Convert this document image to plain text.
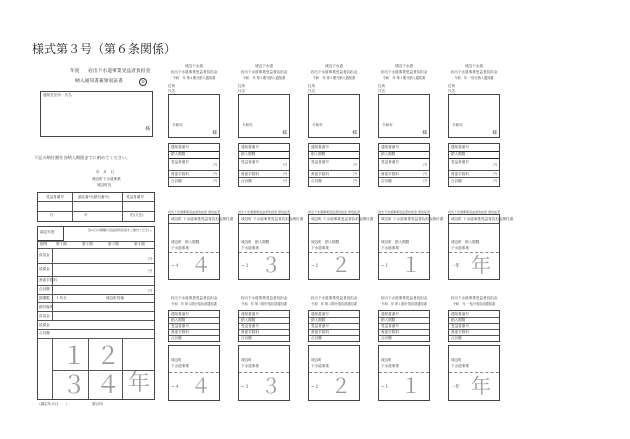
様式第３号（第６条関係）
年度 岩出下水道事業受益者負担金
納入通知書兼領収証書	①
通知先住所・氏名
様
下記の納付額を各納入期限までに納めてください。
年　月　日
城辺町下水道事業
城辺町長
受益者番号	調定番号(納付番号)	受益者番号
行	号	旧(文区)
調定年度	次の日の税額の受益者負担金をご納付ください。
期別 第１期	第２期	第３期	第４期
負担金
円
延滞金	円
督促手数料
合計額	円
納期限 １年分	城辺町役場
納付場所
負担金
延滞金
合計額
１ ２
３ ４ 年
（調定年月日　　）	照合印
城辺下水道
岩出下水道事業受益者負担金
令和　年 第４期分納入通知書
住所
氏名
令和年
様
通知書番号
納入期限
受益者番号
円
督促手数料	円
合計額	円
岩出下水道事業受益者負担金 領収証書
城辺町 下水道事業受益者負担金納付書
城辺町 納入期限
下水道事業
−４ ４
岩出下水道事業受益者負担金
令和　年 第４期分領収済通知書
通知書番号
納入期限
受益者番号
督促手数料
合計額
城辺町
下水道事業
−４ ４
城辺下水道
岩出下水道事業受益者負担金
令和　年 第３期分納入通知書
住所
氏名
令和年
様
通知書番号
納入期限
受益者番号
円
督促手数料	円
合計額	円
岩出下水道事業受益者負担金 領収証書
城辺町 下水道事業受益者負担金納付書
城辺町 納入期限
下水道事業
−３ ３
岩出下水道事業受益者負担金
令和　年 第３期分領収済通知書
通知書番号
納入期限
受益者番号
督促手数料
合計額
城辺町
下水道事業
−３ ３
城辺下水道
岩出下水道事業受益者負担金
令和　年 第２期分納入通知書
住所
氏名
令和年
様
通知書番号
納入期限
受益者番号
円
督促手数料	円
合計額	円
岩出下水道事業受益者負担金 領収証書
城辺町 下水道事業受益者負担金納付書
城辺町 納入期限
下水道事業
−２ ２
岩出下水道事業受益者負担金
令和　年 第２期分領収済通知書
通知書番号
納入期限
受益者番号
督促手数料
合計額
城辺町
下水道事業
−２ ２
城辺下水道
岩出下水道事業受益者負担金
令和　年 第１期分納入通知書
住所
氏名
令和年
様
通知書番号
納入期限
受益者番号
円
督促手数料	円
合計額	円
岩出下水道事業受益者負担金 領収証書
城辺町 下水道事業受益者負担金納付書
城辺町 納入期限
下水道事業
−１ １
岩出下水道事業受益者負担金
令和　年 第１期分領収済通知書
通知書番号
納入期限
受益者番号
督促手数料
合計額
城辺町
下水道事業
−１ １
城辺下水道
岩出下水道事業受益者負担金
令和　年 一括分納入通知書
住所
氏名
令和年
様
通知書番号
納入期限
受益者番号
円
督促手数料	円
合計額	円
岩出下水道事業受益者負担金 領収証書
城辺町 下水道事業受益者負担金納付書
城辺町 納入期限
下水道事業
一年 年
岩出下水道事業受益者負担金
令和　年 一括分領収済通知書
通知書番号
納入期限
受益者番号
督促手数料
合計額
城辺町
下水道事業
一年 年
